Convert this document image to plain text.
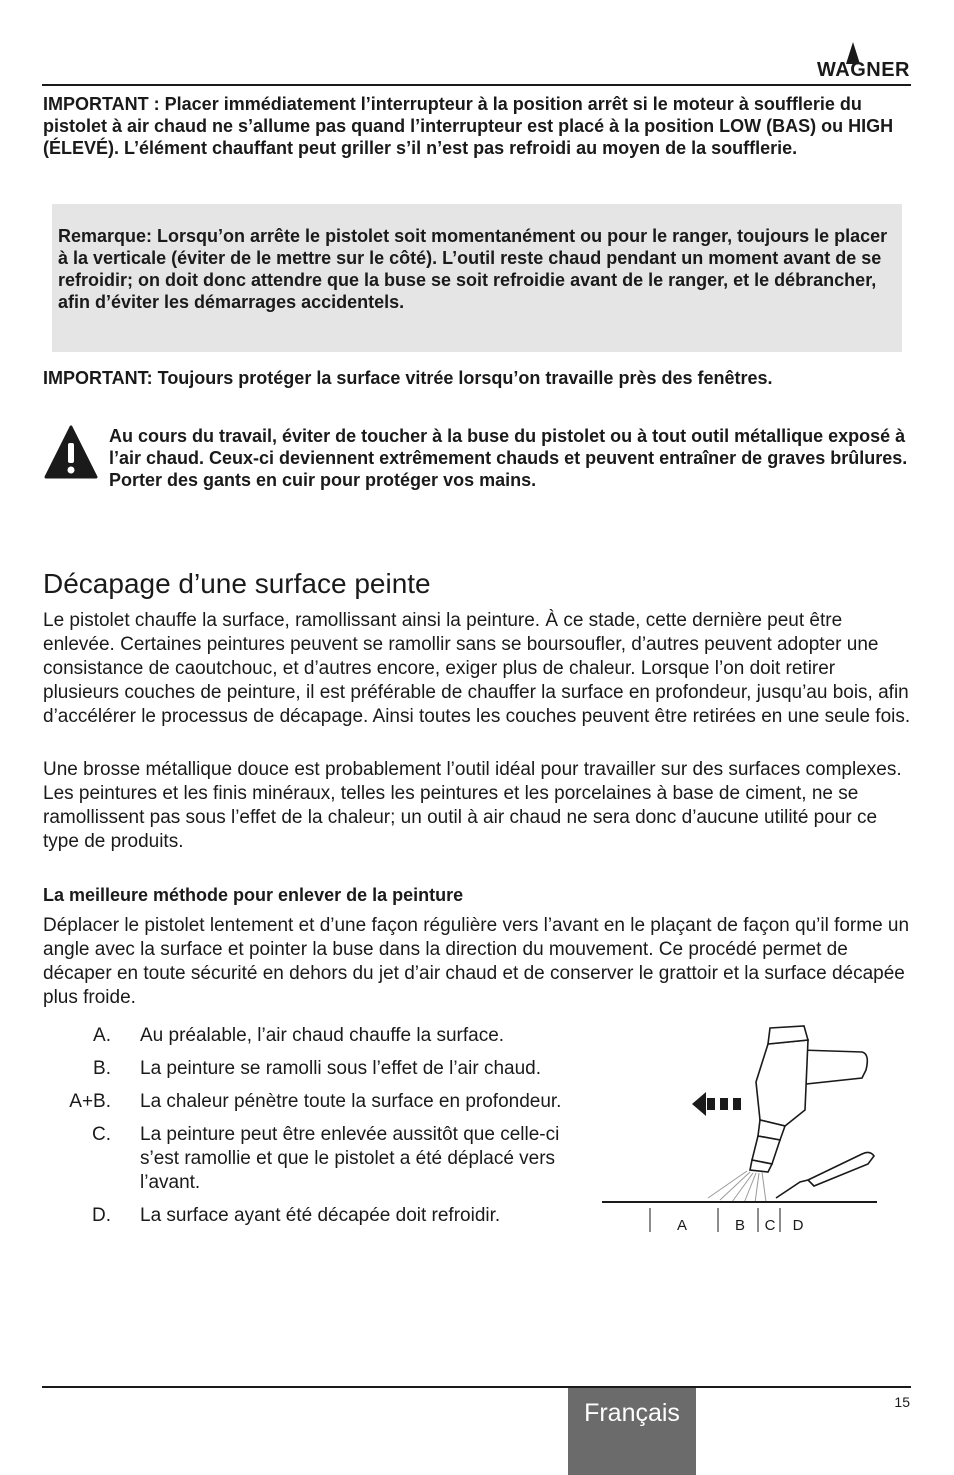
WAGNER
IMPORTANT : Placer immédiatement l’interrupteur à la position arrêt si le moteur à soufflerie du pistolet à air chaud ne s’allume pas quand l’interrupteur est placé à la position LOW (BAS) ou HIGH (ÉLEVÉ). L’élément chauffant peut griller s’il n’est pas refroidi au moyen de la soufflerie.
Remarque: Lorsqu’on arrête le pistolet soit momentanément ou pour le ranger, toujours le placer à la verticale (éviter de le mettre sur le côté). L’outil reste chaud pendant un moment avant de se refroidir; on doit donc attendre que la buse se soit refroidie avant de le ranger, et le débrancher, afin d’éviter les démarrages accidentels.
IMPORTANT: Toujours protéger la surface vitrée lorsqu’on travaille près des fenêtres.
Au cours du travail, éviter de toucher à la buse du pistolet ou à tout outil métallique exposé à l’air chaud. Ceux-ci deviennent extrêmement chauds et peuvent entraîner de graves brûlures. Porter des gants en cuir pour protéger vos mains.
Décapage d’une surface peinte
Le pistolet chauffe la surface, ramollissant ainsi la peinture. À ce stade, cette dernière peut être enlevée. Certaines peintures peuvent se ramollir sans se boursoufler, d’autres peuvent adopter une consistance de caoutchouc, et d’autres encore, exiger plus de chaleur. Lorsque l’on doit retirer plusieurs couches de peinture, il est préférable de chauffer la surface en profondeur, jusqu’au bois, afin d’accélérer le processus de décapage. Ainsi toutes les couches peuvent être retirées en une seule fois.
Une brosse métallique douce est probablement l’outil idéal pour travailler sur des surfaces complexes. Les peintures et les finis minéraux, telles les peintures et les porcelaines à base de ciment, ne se ramollissent pas sous l’effet de la chaleur; un outil à air chaud ne sera donc d’aucune utilité pour ce type de produits.
La meilleure méthode pour enlever de la peinture
Déplacer le pistolet lentement et d’une façon régulière vers l’avant en le plaçant de façon qu’il forme un angle avec la surface et pointer la buse dans la direction du mouvement. Ce procédé permet de décaper en toute sécurité en dehors du jet d’air chaud et de conserver le grattoir et la surface décapée plus froide.
A.	Au préalable, l’air chaud chauffe la surface.
B.	La peinture se ramolli sous l’effet de l’air chaud.
A+B.	La chaleur pénètre toute la surface en profondeur.
C.	La peinture peut être enlevée aussitôt que celle-ci s’est ramollie et que le pistolet a été déplacé vers l’avant.
D.	La surface ayant été décapée doit refroidir.	A	B C D
Français	15
